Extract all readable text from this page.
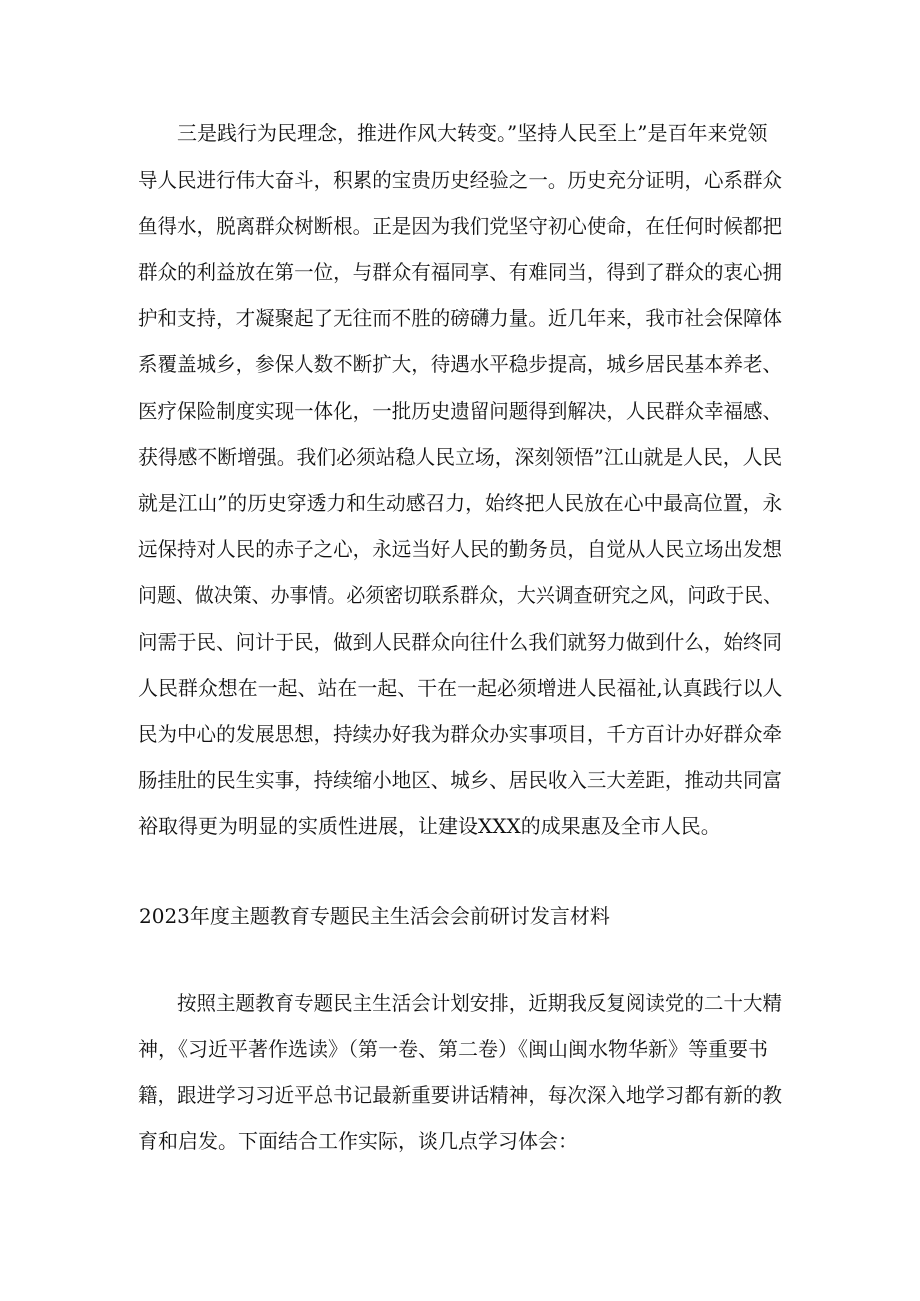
三是践行为民理念，推进作风大转变。”坚持人民至上”是百年来党领
导人民进行伟大奋斗，积累的宝贵历史经验之一。历史充分证明，心系群众
鱼得水，脱离群众树断根。正是因为我们党坚守初心使命，在任何时候都把
群众的利益放在第一位，与群众有福同享、有难同当，得到了群众的衷心拥
护和支持，才凝聚起了无往而不胜的磅礴力量。近几年来，我市社会保障体
系覆盖城乡，参保人数不断扩大，待遇水平稳步提高，城乡居民基本养老、
医疗保险制度实现一体化，一批历史遗留问题得到解决，人民群众幸福感、
获得感不断增强。我们必须站稳人民立场，深刻领悟”江山就是人民，人民
就是江山”的历史穿透力和生动感召力，始终把人民放在心中最高位置，永
远保持对人民的赤子之心，永远当好人民的勤务员，自觉从人民立场出发想
问题、做决策、办事情。必须密切联系群众，大兴调查研究之风，问政于民、
问需于民、问计于民，做到人民群众向往什么我们就努力做到什么，始终同
人民群众想在一起、站在一起、干在一起必须增进人民福祉,认真践行以人
民为中心的发展思想，持续办好我为群众办实事项目，千方百计办好群众牵
肠挂肚的民生实事，持续缩小地区、城乡、居民收入三大差距，推动共同富
裕取得更为明显的实质性进展，让建设XXX的成果惠及全市人民。
2023年度主题教育专题民主生活会会前研讨发言材料
按照主题教育专题民主生活会计划安排，近期我反复阅读党的二十大精
神，《习近平著作选读》（第一卷、第二卷）《闽山闽水物华新》等重要书
籍，跟进学习习近平总书记最新重要讲话精神，每次深入地学习都有新的教
育和启发。下面结合工作实际，谈几点学习体会：
